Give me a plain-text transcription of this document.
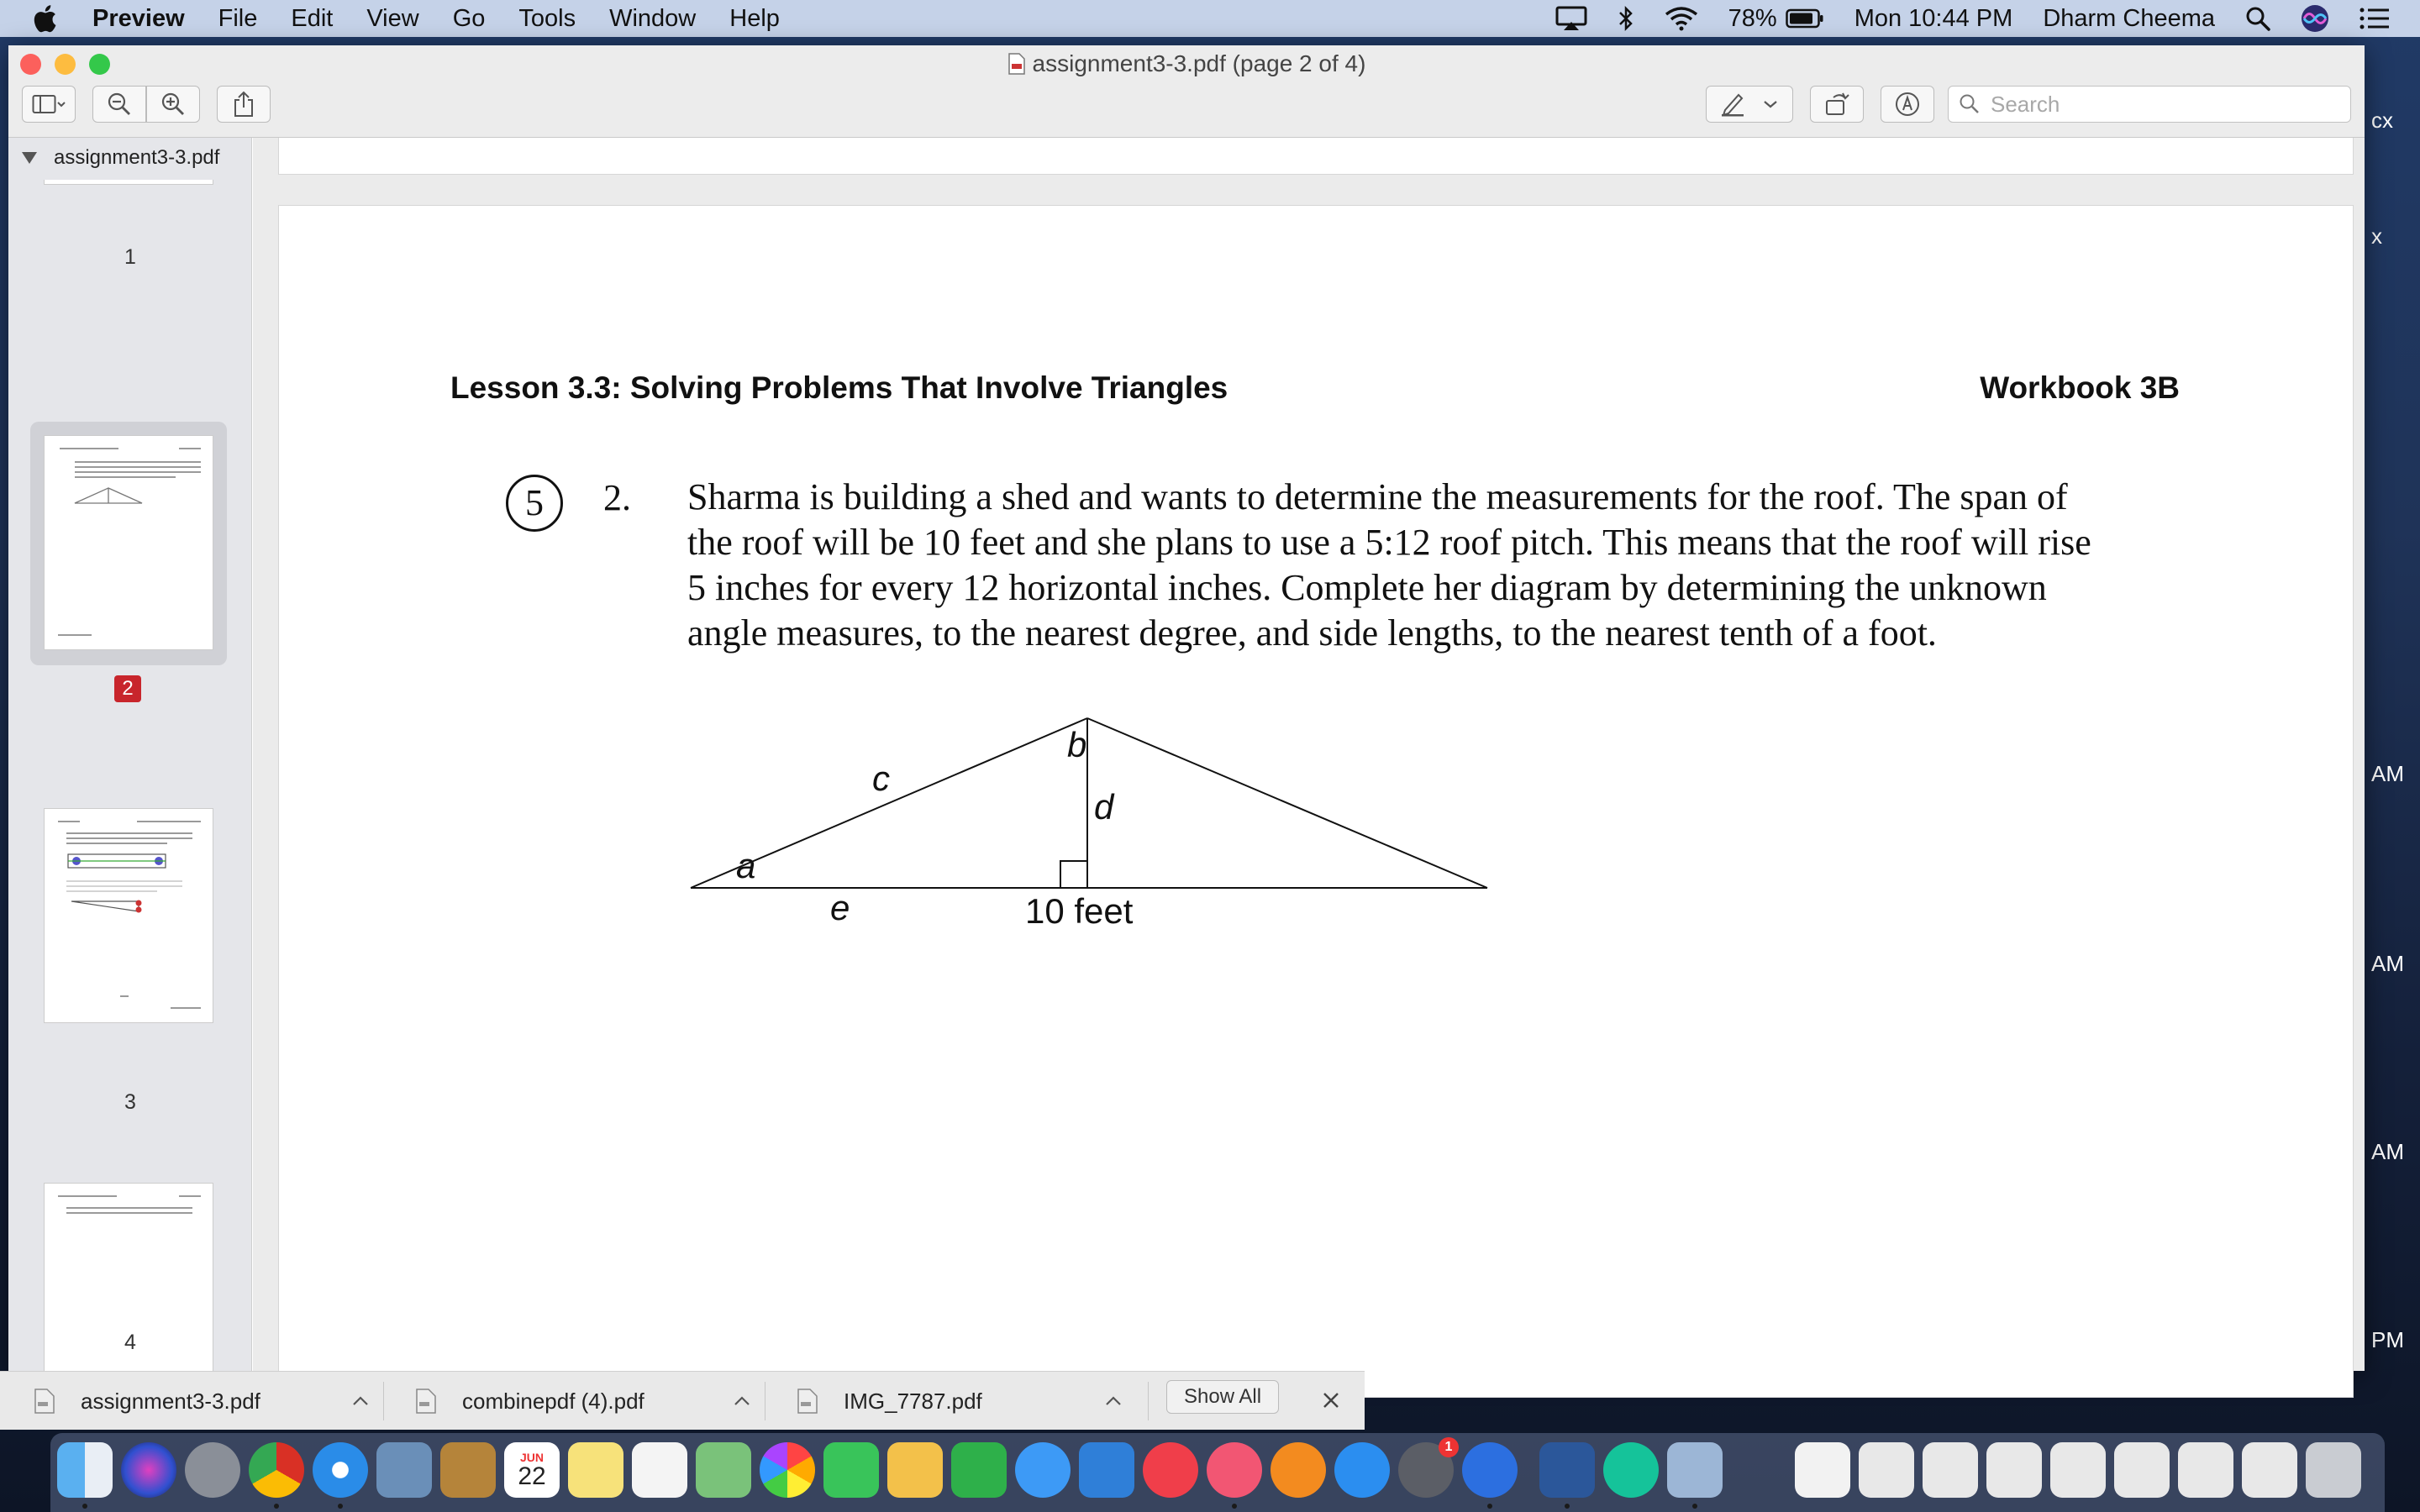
cx
x
AM
AM
AM
PM
Preview File Edit View Go Tools Window Help	78%	Mon 10:44 PM Dharm Cheema
assignment3-3.pdf (page 2 of 4)
Search
assignment3-3.pdf
1
2
3
4
Lesson 3.3: Solving Problems That Involve Triangles	Workbook 3B
5	2. Sharma is building a shed and wants to determine the measurements for the roof. The span of
the roof will be 10 feet and she plans to use a 5:12 roof pitch. This means that the roof will rise
5 inches for every 12 horizontal inches. Complete her diagram by determining the unknown
angle measures, to the nearest degree, and side lengths, to the nearest tenth of a foot.
a
b
c
d
e	10 feet
assignment3-3.pdf	combinepdf (4).pdf	IMG_7787.pdf	Show All
JUN
22
1
